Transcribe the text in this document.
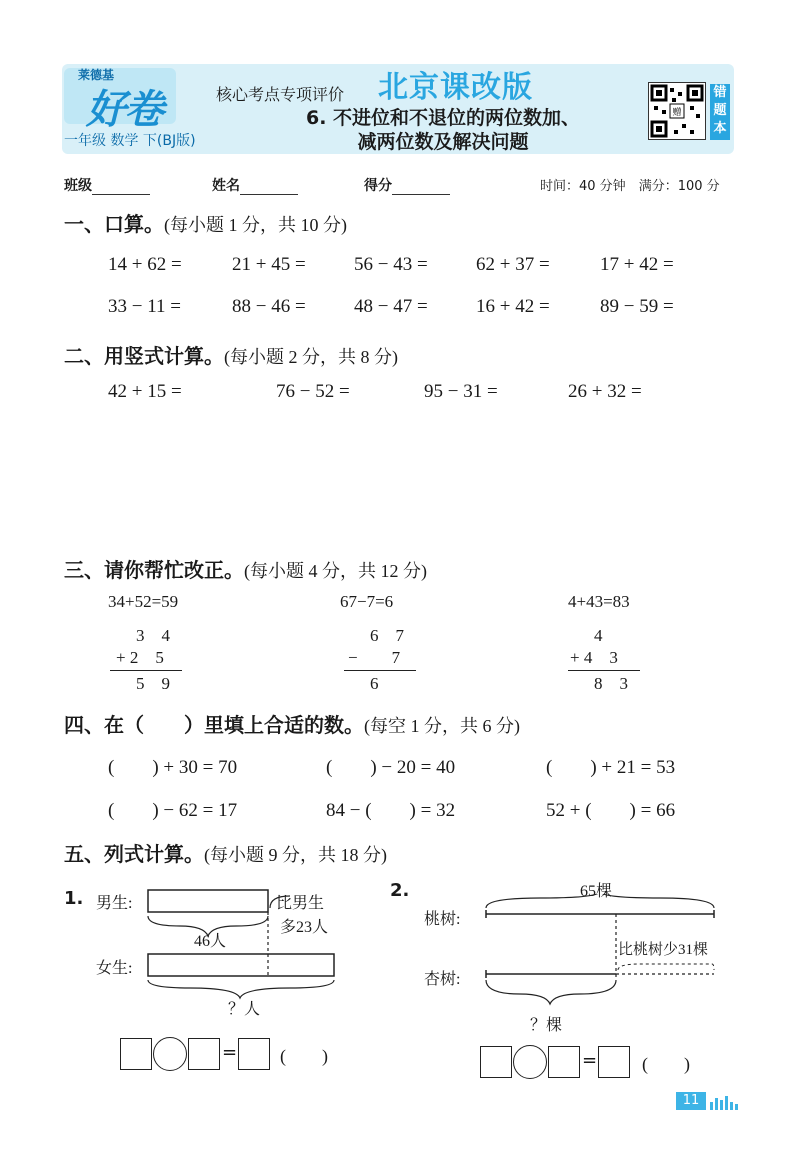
莱德基
好卷
一年级 数学 下(BJ版)
核心考点专项评价 北京课改版
6. 不进位和不退位的两位数加、
减两位数及解决问题
赠
错题本
班级	姓名	得分	时间：40 分钟　 满分：100 分
一、口算。(每小题 1 分，共 10 分)
14 + 62 =	21 + 45 =	56 − 43 =	62 + 37 =	17 + 42 =
33 − 11 =	88 − 46 =	48 − 47 =	16 + 42 =	89 − 59 =
二、用竖式计算。(每小题 2 分，共 8 分)
42 + 15 =	76 − 52 =	95 − 31 =	26 + 32 =
三、请你帮忙改正。(每小题 4 分，共 12 分)
34+52=59
3　4
+ 2　5
5　9
67−7=6
6　7
−　　7
6
4+43=83
4
+ 4　3
8　3
四、在（　　）里填上合适的数。(每空 1 分，共 6 分)
(　　) + 30 = 70	(　　) − 20 = 40	(　　) + 21 = 53
(　　) − 62 = 17	84 − (　　) = 32	52 + (　　) = 66
五、列式计算。(每小题 9 分，共 18 分)
1. 男生:
女生:
比男生
多23人
46人
？人
= (　　)
2.	65棵
桃树:
杏树:
比桃树少31棵
？棵
= (　　)
11
